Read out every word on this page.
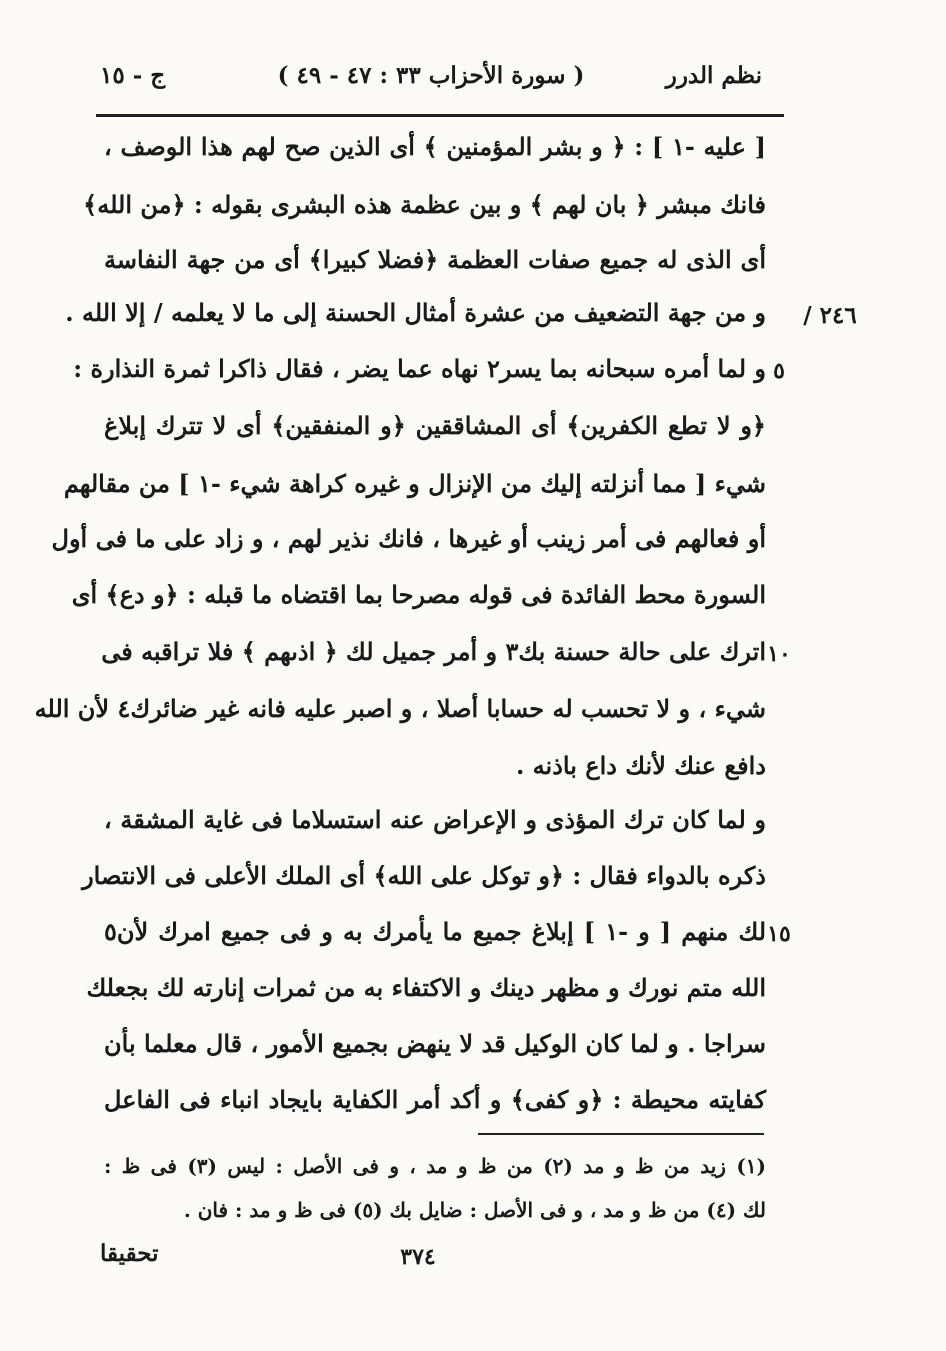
نظم الدرر
( سورة الأحزاب ٣٣ : ٤٧ - ٤٩ )
ج - ١٥
[ عليه -١ ] : ﴿ و بشر المؤمنين ﴾ أى الذين صح لهم هذا الوصف ،
فانك مبشر ﴿ بان لهم ﴾ و بين عظمة هذه البشرى بقوله : ﴿من الله﴾
أى الذى له جميع صفات العظمة ﴿فضلا كبيرا﴾ أى من جهة النفاسة
و من جهة التضعيف من عشرة أمثال الحسنة إلى ما لا يعلمه / إلا الله . ٢٤٦ /
و لما أمره سبحانه بما يسر٢ نهاه عما يضر ، فقال ذاكرا ثمرة النذارة : ٥
﴿و لا تطع الكفرين﴾ أى المشاققين ﴿و المنفقين﴾ أى لا تترك إبلاغ
شيء [ مما أنزلته إليك من الإنزال و غيره كراهة شيء -١ ] من مقالهم
أو فعالهم فى أمر زينب أو غيرها ، فانك نذير لهم ، و زاد على ما فى أول
السورة محط الفائدة فى قوله مصرحا بما اقتضاه ما قبله : ﴿و دع﴾ أى
اترك على حالة حسنة بك٣ و أمر جميل لك ﴿ اذىهم ﴾ فلا تراقبه فى ١٠
شيء ، و لا تحسب له حسابا أصلا ، و اصبر عليه فانه غير ضائرك٤ لأن الله
دافع عنك لأنك داع باذنه .
و لما كان ترك المؤذى و الإعراض عنه استسلاما فى غاية المشقة ،
ذكره بالدواء فقال : ﴿و توكل على الله﴾ أى الملك الأعلى فى الانتصار
لك منهم [ و -١ ] إبلاغ جميع ما يأمرك به و فى جميع امرك لأن٥ ١٥
الله متم نورك و مظهر دينك و الاكتفاء به من ثمرات إنارته لك بجعلك
سراجا . و لما كان الوكيل قد لا ينهض بجميع الأمور ، قال معلما بأن
كفايته محيطة : ﴿و كفى﴾ و أكد أمر الكفاية بايجاد انباء فى الفاعل
(١) زيد من ظ و مد (٢) من ظ و مد ، و فى الأصل : ليس (٣) فى ظ :
لك (٤) من ظ و مد ، و فى الأصل : ضايل بك (٥) فى ظ و مد : فان .
٣٧٤
تحقيقا
